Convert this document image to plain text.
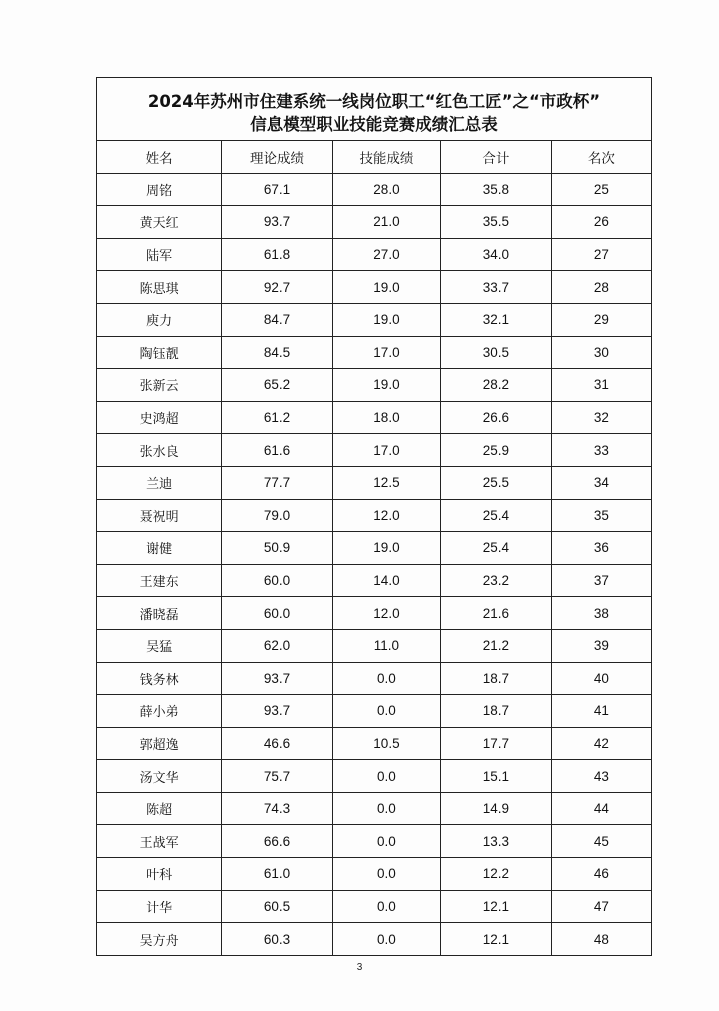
2024年苏州市住建系统一线岗位职工“红色工匠”之“市政杯”
信息模型职业技能竞赛成绩汇总表
姓名	理论成绩	技能成绩	合计	名次
周铭	67.1	28.0	35.8	25
黄天红	93.7	21.0	35.5	26
陆军	61.8	27.0	34.0	27
陈思琪	92.7	19.0	33.7	28
庾力	84.7	19.0	32.1	29
陶钰靓	84.5	17.0	30.5	30
张新云	65.2	19.0	28.2	31
史鸿超	61.2	18.0	26.6	32
张水良	61.6	17.0	25.9	33
兰迪	77.7	12.5	25.5	34
聂祝明	79.0	12.0	25.4	35
谢健	50.9	19.0	25.4	36
王建东	60.0	14.0	23.2	37
潘晓磊	60.0	12.0	21.6	38
吴猛	62.0	11.0	21.2	39
钱务林	93.7	0.0	18.7	40
薛小弟	93.7	0.0	18.7	41
郭超逸	46.6	10.5	17.7	42
汤文华	75.7	0.0	15.1	43
陈超	74.3	0.0	14.9	44
王战军	66.6	0.0	13.3	45
叶科	61.0	0.0	12.2	46
计华	60.5	0.0	12.1	47
吴方舟	60.3	0.0	12.1	48
3
